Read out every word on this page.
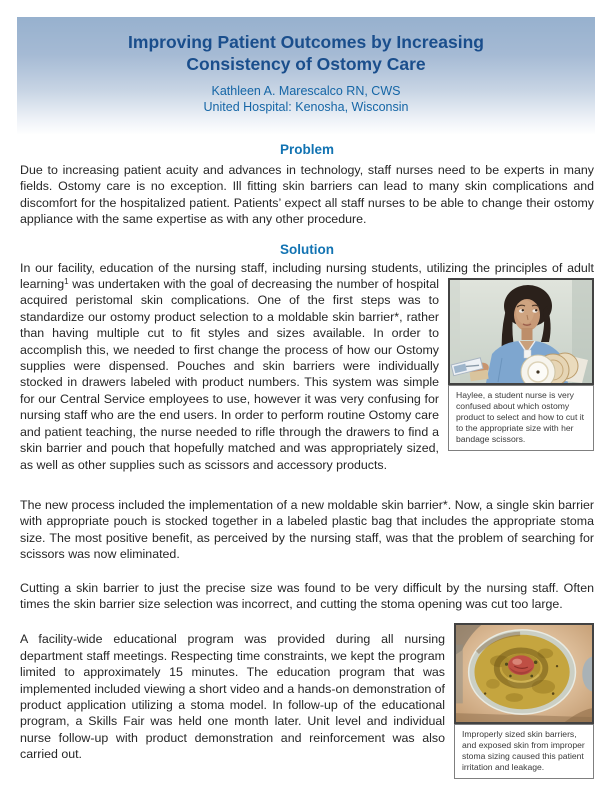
Improving Patient Outcomes by Increasing
Consistency of Ostomy Care
Kathleen A. Marescalco RN, CWS
United Hospital: Kenosha, Wisconsin
Problem

Due to increasing patient acuity and advances in technology, staff nurses need to be experts in many fields. Ostomy care is no exception. Ill fitting skin barriers can lead to many skin complications and discomfort for the hospitalized patient. Patients’ expect all staff nurses to be able to change their ostomy appliance with the same expertise as with any other procedure.

Solution
Haylee, a student nurse is very confused about which ostomy product to select and how to cut it to the appropriate size with her bandage scissors.
In our facility, education of the nursing staff, including nursing students, utilizing the principles of adult learning$^1$ was undertaken with the goal of decreasing the number of hospital acquired peristomal skin complications. One of the first steps was to standardize our ostomy product selection to a moldable skin barrier*, rather than having multiple cut to fit styles and sizes available. In order to accomplish this, we needed to first change the process of how our Ostomy supplies were dispensed. Pouches and skin barriers were individually stocked in drawers labeled with product numbers. This system was simple for our Central Service employees to use, however it was very confusing for nursing staff who are the end users. In order to perform routine Ostomy care and patient teaching, the nurse needed to rifle through the drawers to find a skin barrier and pouch that hopefully matched and was appropriately sized, as well as other supplies such as scissors and accessory products.

The new process included the implementation of a new moldable skin barrier*. Now, a single skin barrier with appropriate pouch is stocked together in a labeled plastic bag that includes the appropriate stoma size. The most positive benefit, as perceived by the nursing staff, was that the problem of searching for scissors was now eliminated.

Cutting a skin barrier to just the precise size was found to be very difficult by the nursing staff. Often times the skin barrier size selection was incorrect, and cutting the stoma opening was cut too large.

Improperly sized skin barriers, and exposed skin from improper stoma sizing caused this patient irritation and leakage.
A facility-wide educational program was provided during all nursing department staff meetings. Respecting time constraints, we kept the program limited to approximately 15 minutes. The education program that was implemented included viewing a short video and a hands-on demonstration of product application utilizing a stoma model. In follow-up of the educational program, a Skills Fair was held one month later. Unit level and individual nurse follow-up with product demonstration and reinforcement was also carried out.
